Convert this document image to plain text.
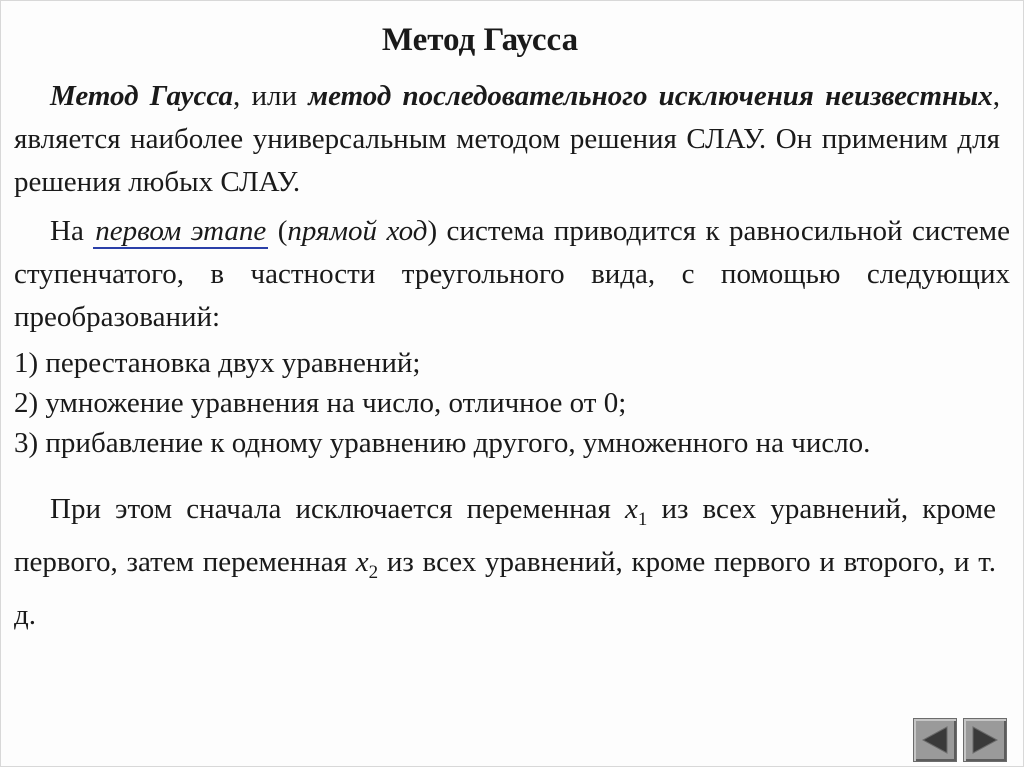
Метод Гаусса
Метод Гаусса, или метод последовательного исключения неизвестных, является наиболее универсальным методом решения СЛАУ. Он применим для решения любых СЛАУ.
На первом этапе (прямой ход) система приводится к равносильной системе ступенчатого, в частности треугольного вида, с помощью следующих преобразований:
1) перестановка двух уравнений;
2) умножение уравнения на число, отличное от 0;
3) прибавление к одному уравнению другого, умноженного на число.
При этом сначала исключается переменная $x_1$ из всех уравнений, кроме первого, затем переменная $x_2$ из всех уравнений, кроме первого и второго, и т. д.
